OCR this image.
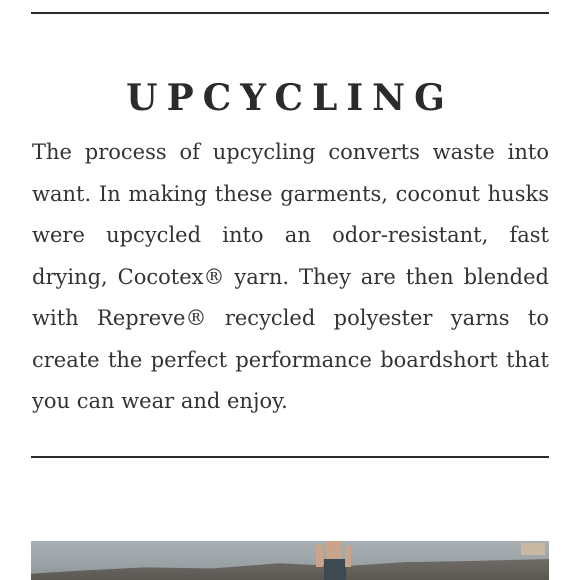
UPCYCLING

The process of upcycling converts waste into want. In making these garments, coconut husks were upcycled into an odor-resistant, fast drying, Cocotex® yarn. They are then blended with Repreve® recycled polyester yarns to create the perfect performance boardshort that you can wear and enjoy.
